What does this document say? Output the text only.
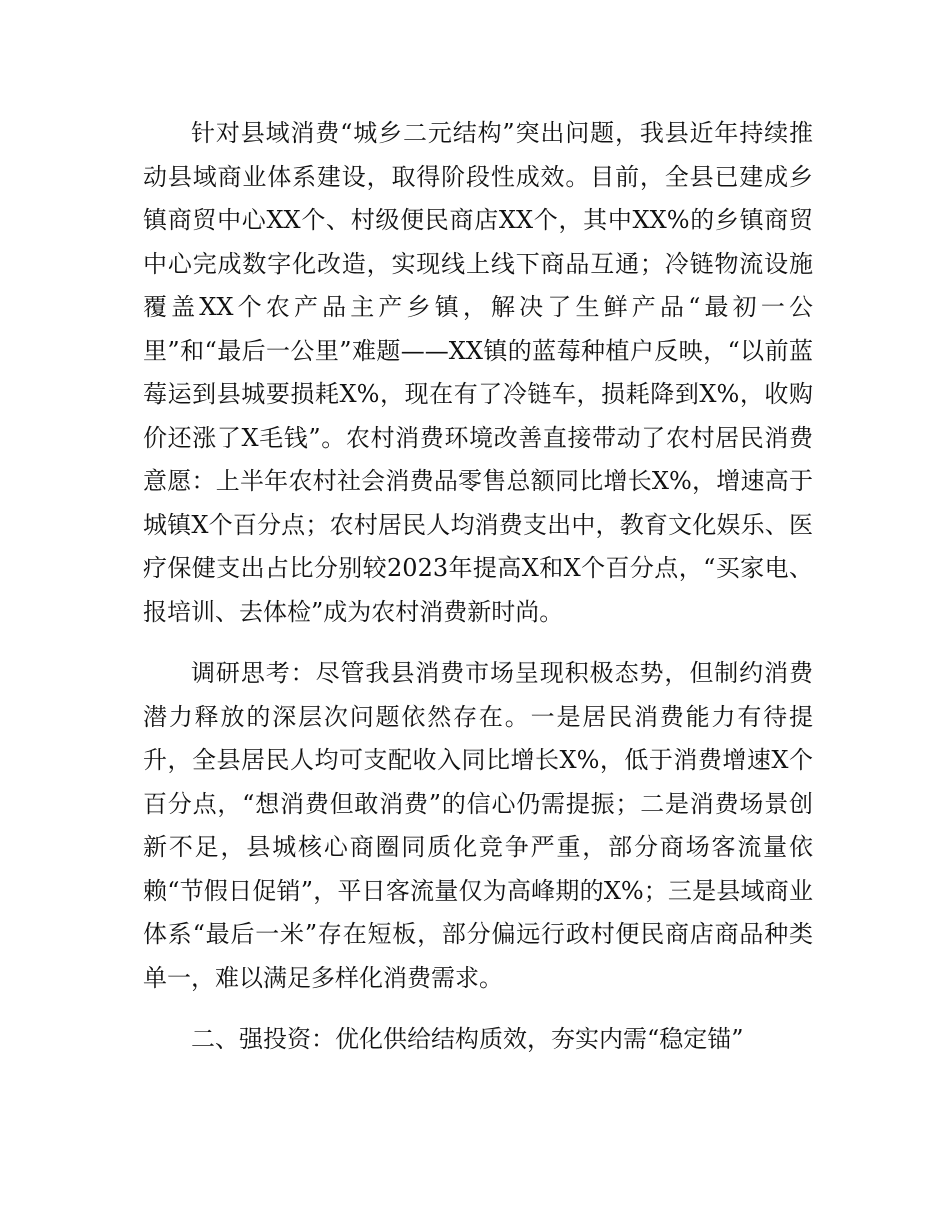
针对县域消费“城乡二元结构”突出问题，我县近年持续推动县域商业体系建设，取得阶段性成效。目前，全县已建成乡镇商贸中心XX个、村级便民商店XX个，其中XX%的乡镇商贸中心完成数字化改造，实现线上线下商品互通；冷链物流设施覆盖XX个农产品主产乡镇，解决了生鲜产品“最初一公里”和“最后一公里”难题——XX镇的蓝莓种植户反映，“以前蓝莓运到县城要损耗X%，现在有了冷链车，损耗降到X%，收购价还涨了X毛钱”。农村消费环境改善直接带动了农村居民消费意愿：上半年农村社会消费品零售总额同比增长X%，增速高于城镇X个百分点；农村居民人均消费支出中，教育文化娱乐、医疗保健支出占比分别较2023年提高X和X个百分点，“买家电、报培训、去体检”成为农村消费新时尚。

调研思考：尽管我县消费市场呈现积极态势，但制约消费潜力释放的深层次问题依然存在。一是居民消费能力有待提升，全县居民人均可支配收入同比增长X%，低于消费增速X个百分点，“想消费但敢消费”的信心仍需提振；二是消费场景创新不足，县城核心商圈同质化竞争严重，部分商场客流量依赖“节假日促销”，平日客流量仅为高峰期的X%；三是县域商业体系“最后一米”存在短板，部分偏远行政村便民商店商品种类单一，难以满足多样化消费需求。

二、强投资：优化供给结构质效，夯实内需“稳定锚”
